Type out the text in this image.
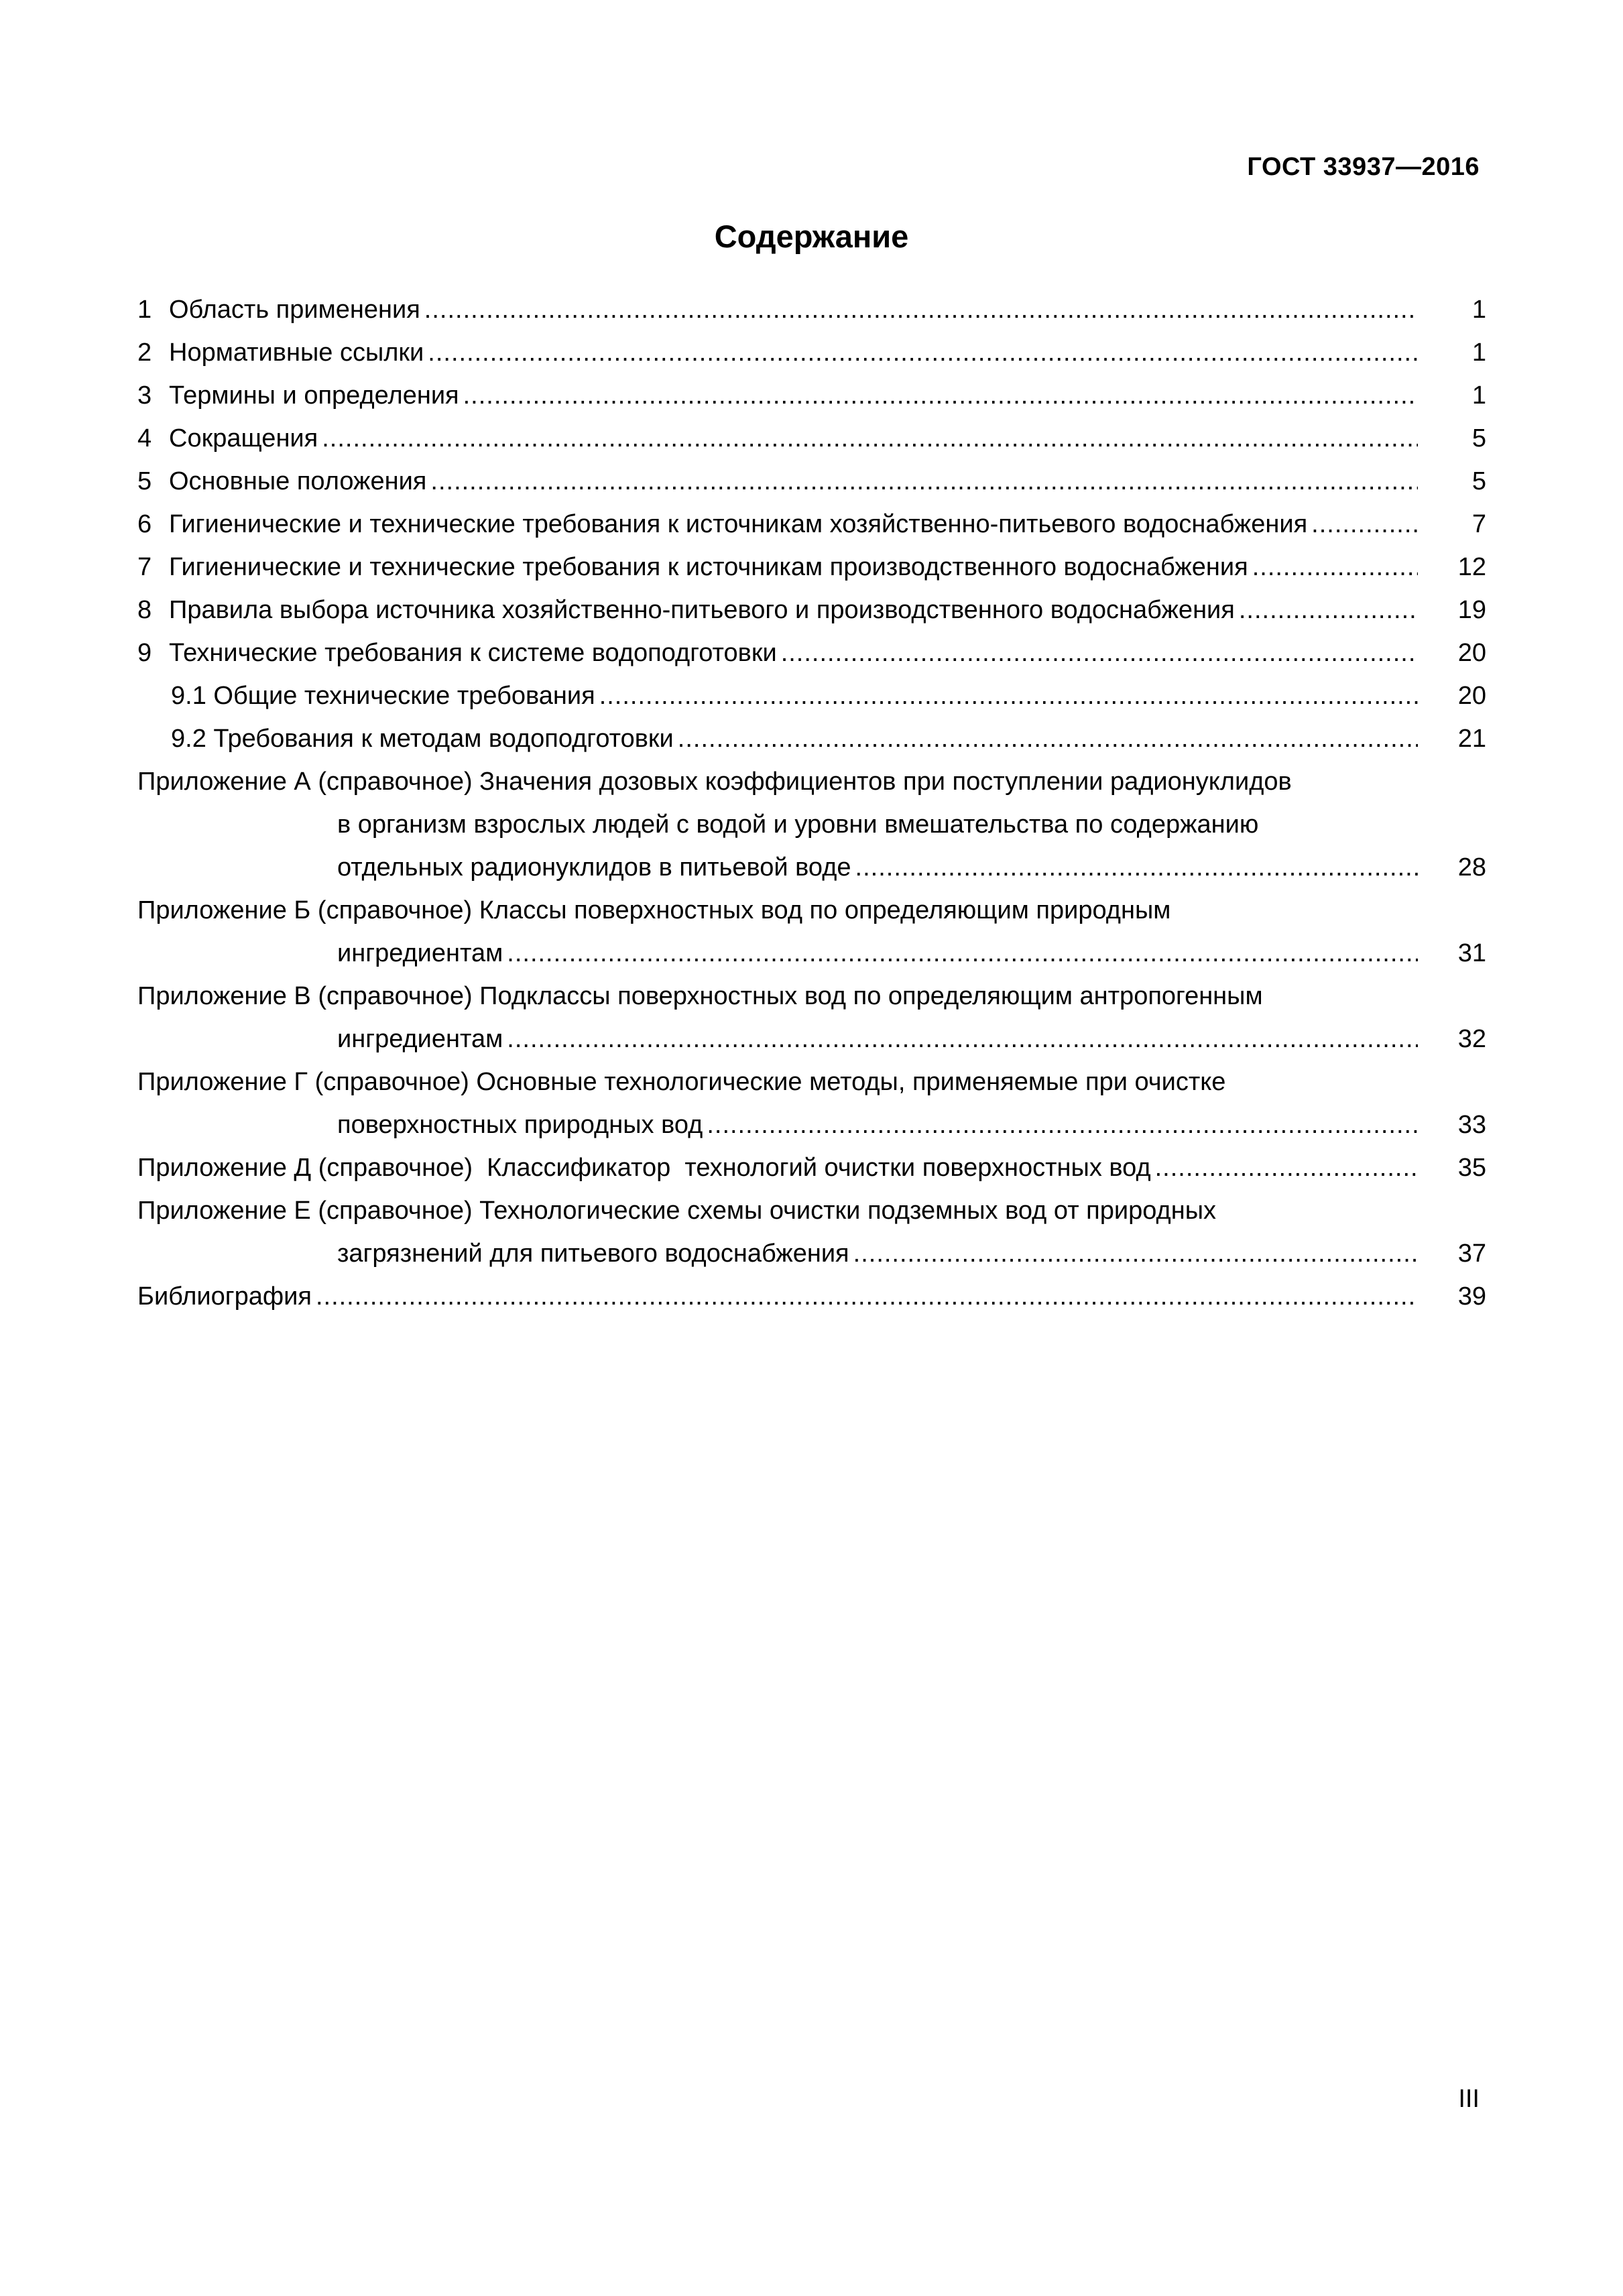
ГОСТ 33937—2016
Содержание
1 Область применения .....	1
2 Нормативные ссылки .....	1
3 Термины и определения .....	1
4 Сокращения .....	5
5 Основные положения .....	5
6 Гигиенические и технические требования к источникам хозяйственно-питьевого водоснабжения .....	7
7 Гигиенические и технические требования к источникам производственного водоснабжения .....	12
8 Правила выбора источника хозяйственно-питьевого и производственного водоснабжения .....	19
9 Технические требования к системе водоподготовки .....	20
9.1 Общие технические требования .....	20
9.2 Требования к методам водоподготовки .....	21
Приложение А (справочное) Значения дозовых коэффициентов при поступлении радионуклидов
в организм взрослых людей с водой и уровни вмешательства по содержанию
отдельных радионуклидов в питьевой воде .....	28
Приложение Б (справочное) Классы поверхностных вод по определяющим природным
ингредиентам .....	31
Приложение В (справочное) Подклассы поверхностных вод по определяющим антропогенным
ингредиентам .....	32
Приложение Г (справочное) Основные технологические методы, применяемые при очистке
поверхностных природных вод .....	33
Приложение Д (справочное)  Классификатор  технологий очистки поверхностных вод .....	35
Приложение Е (справочное) Технологические схемы очистки подземных вод от природных
загрязнений для питьевого водоснабжения .....	37
Библиография .....	39
III
